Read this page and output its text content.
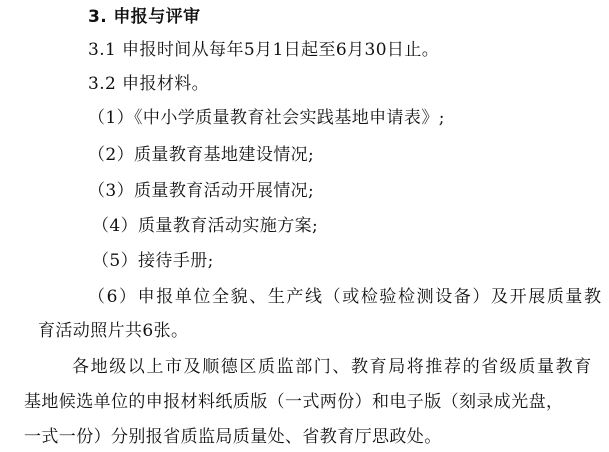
3. 申报与评审
3.1 申报时间从每年5月1日起至6月30日止。
3.2 申报材料。
（1）《中小学质量教育社会实践基地申请表》;
（2）质量教育基地建设情况;
（3）质量教育活动开展情况;
（4）质量教育活动实施方案;
（5）接待手册;
（6）申报单位全貌、生产线（或检验检测设备）及开展质量教
育活动照片共6张。
各地级以上市及顺德区质监部门、教育局将推荐的省级质量教育
基地候选单位的申报材料纸质版（一式两份）和电子版（刻录成光盘，
一式一份）分别报省质监局质量处、省教育厅思政处。
